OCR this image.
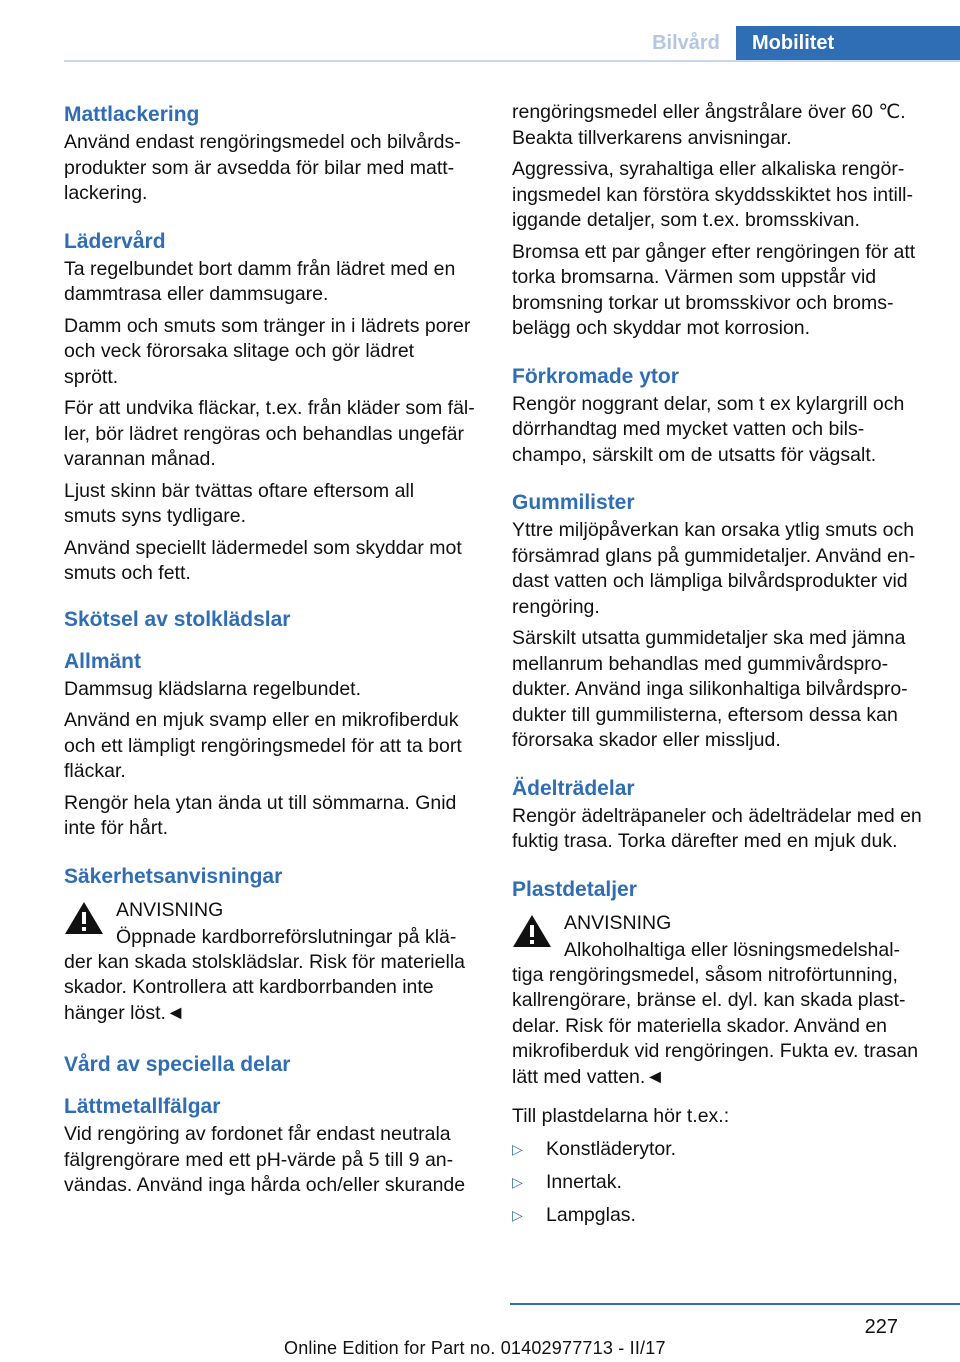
Bilvård	Mobilitet
Mattlackering
Använd endast rengöringsmedel och bilvårds-
produkter som är avsedda för bilar med matt-
lackering.
Lädervård
Ta regelbundet bort damm från lädret med en
dammtrasa eller dammsugare.
Damm och smuts som tränger in i lädrets porer
och veck förorsaka slitage och gör lädret
sprött.
För att undvika fläckar, t.ex. från kläder som fäl-
ler, bör lädret rengöras och behandlas ungefär
varannan månad.
Ljust skinn bär tvättas oftare eftersom all
smuts syns tydligare.
Använd speciellt lädermedel som skyddar mot
smuts och fett.
Skötsel av stolklädslar
Allmänt
Dammsug klädslarna regelbundet.
Använd en mjuk svamp eller en mikrofiberduk
och ett lämpligt rengöringsmedel för att ta bort
fläckar.
Rengör hela ytan ända ut till sömmarna. Gnid
inte för hårt.
Säkerhetsanvisningar
ANVISNING
Öppnade kardborreförslutningar på klä-
der kan skada stolsklädslar. Risk för materiella
skador. Kontrollera att kardborrbanden inte
hänger löst.◄
Vård av speciella delar
Lättmetallfälgar
Vid rengöring av fordonet får endast neutrala
fälgrengörare med ett pH-värde på 5 till 9 an-
vändas. Använd inga hårda och/eller skurande
rengöringsmedel eller ångstrålare över 60 ℃.
Beakta tillverkarens anvisningar.
Aggressiva, syrahaltiga eller alkaliska rengör-
ingsmedel kan förstöra skyddsskiktet hos intill-
iggande detaljer, som t.ex. bromsskivan.
Bromsa ett par gånger efter rengöringen för att
torka bromsarna. Värmen som uppstår vid
bromsning torkar ut bromsskivor och broms-
belägg och skyddar mot korrosion.
Förkromade ytor
Rengör noggrant delar, som t ex kylargrill och
dörrhandtag med mycket vatten och bils-
champo, särskilt om de utsatts för vägsalt.
Gummilister
Yttre miljöpåverkan kan orsaka ytlig smuts och
försämrad glans på gummidetaljer. Använd en-
dast vatten och lämpliga bilvårdsprodukter vid
rengöring.
Särskilt utsatta gummidetaljer ska med jämna
mellanrum behandlas med gummivårdspro-
dukter. Använd inga silikonhaltiga bilvårdspro-
dukter till gummilisterna, eftersom dessa kan
förorsaka skador eller missljud.
Ädelträdelar
Rengör ädelträpaneler och ädelträdelar med en
fuktig trasa. Torka därefter med en mjuk duk.
Plastdetaljer
ANVISNING
Alkoholhaltiga eller lösningsmedelshal-
tiga rengöringsmedel, såsom nitroförtunning,
kallrengörare, bränse el. dyl. kan skada plast-
delar. Risk för materiella skador. Använd en
mikrofiberduk vid rengöringen. Fukta ev. trasan
lätt med vatten.◄
Till plastdelarna hör t.ex.:
▷	Konstläderytor.
▷	Innertak.
▷	Lampglas.
227
Online Edition for Part no. 01402977713 - II/17
